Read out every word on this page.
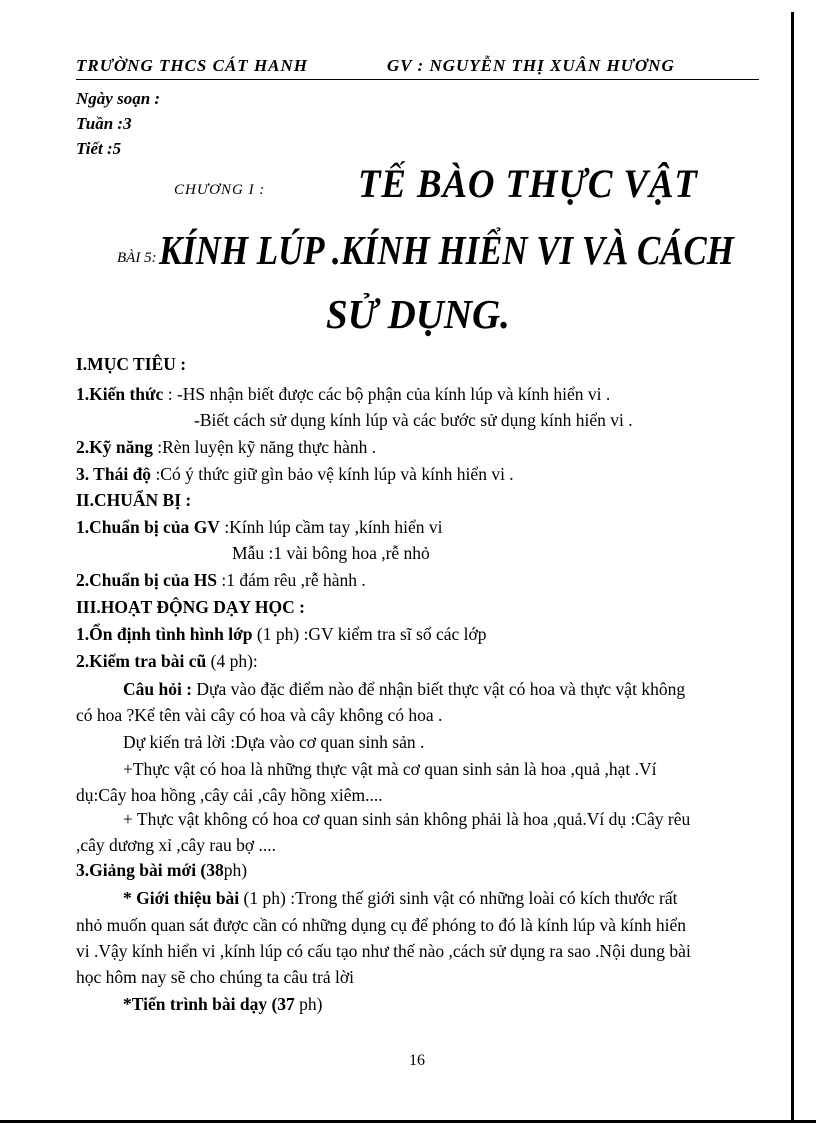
TRƯỜNG THCS CÁT HANH	GV : NGUYỄN THỊ XUÂN HƯƠNG
Ngày soạn :
Tuần :3
Tiết :5
CHƯƠNG I : TẾ BÀO THỰC VẬT
BÀI 5: KÍNH LÚP .KÍNH HIỂN VI VÀ CÁCH
SỬ DỤNG.
I.MỤC TIÊU :
1.Kiến thức : -HS nhận biết được các bộ phận của kính lúp và kính hiển vi .
-Biết cách sử dụng kính lúp và các bước sử dụng kính hiển vi .
2.Kỹ năng :Rèn luyện kỹ năng thực hành .
3. Thái độ :Có ý thức giữ gìn bảo vệ kính lúp và kính hiển vi .
II.CHUẨN BỊ :
1.Chuẩn bị của GV :Kính lúp cầm tay ,kính hiển vi
Mẫu :1 vài bông hoa ,rễ nhỏ
2.Chuẩn bị của HS :1 đám rêu ,rễ hành .
III.HOẠT ĐỘNG DẠY HỌC :
1.Ổn định tình hình lớp (1 ph) :GV kiểm tra sĩ số các lớp
2.Kiểm tra bài cũ (4 ph):
Câu hỏi : Dựa vào đặc điểm nào để nhận biết thực vật có hoa và thực vật không
có hoa ?Kể tên vài cây có hoa và cây không có hoa .
Dự kiến trả lời :Dựa vào cơ quan sinh sản .
+Thực vật có hoa là những thực vật mà cơ quan sinh sản là hoa ,quả ,hạt .Ví
dụ:Cây hoa hồng ,cây cải ,cây hồng xiêm....
+ Thực vật không có hoa cơ quan sinh sản không phải là hoa ,quả.Ví dụ :Cây rêu
,cây dương xỉ ,cây rau bợ ....
3.Giảng bài mới (38ph)
* Giới thiệu bài (1 ph) :Trong thế giới sinh vật có những loài có kích thước rất
nhỏ muốn quan sát được cần có những dụng cụ để phóng to đó là kính lúp và kính hiển
vi .Vậy kính hiển vi ,kính lúp có cấu tạo như thế nào ,cách sử dụng ra sao .Nội dung bài
học hôm nay sẽ cho chúng ta câu trả lời
*Tiến trình bài dạy (37 ph)
16
